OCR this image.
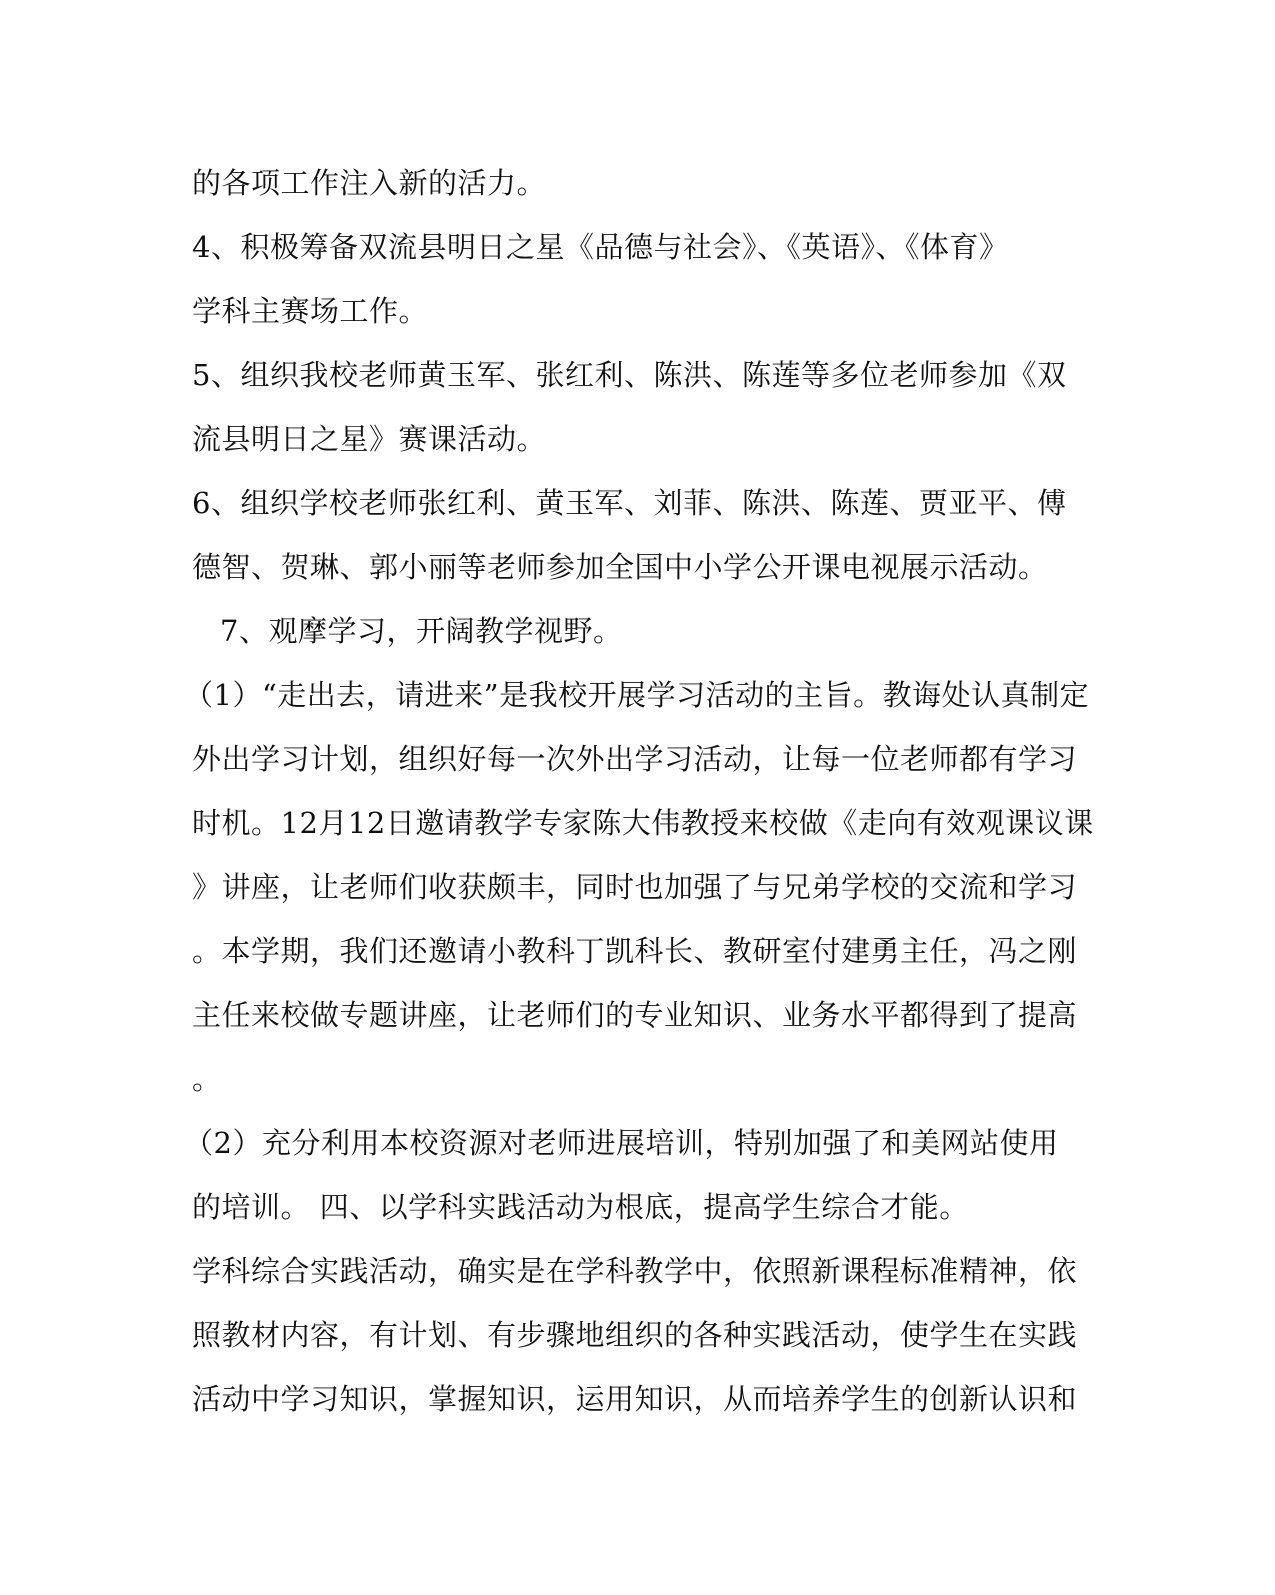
的各项工作注入新的活力。
4、积极筹备双流县明日之星《品德与社会》、《英语》、《体育》
学科主赛场工作。
5、组织我校老师黄玉军、张红利、陈洪、陈莲等多位老师参加《双
流县明日之星》赛课活动。
6、组织学校老师张红利、黄玉军、刘菲、陈洪、陈莲、贾亚平、傅
德智、贺琳、郭小丽等老师参加全国中小学公开课电视展示活动。
7、观摩学习，开阔教学视野。
（1）“走出去，请进来”是我校开展学习活动的主旨。教诲处认真制定
外出学习计划，组织好每一次外出学习活动，让每一位老师都有学习
时机。12月12日邀请教学专家陈大伟教授来校做《走向有效观课议课
》讲座，让老师们收获颇丰，同时也加强了与兄弟学校的交流和学习
。本学期，我们还邀请小教科丁凯科长、教研室付建勇主任，冯之刚
主任来校做专题讲座，让老师们的专业知识、业务水平都得到了提高
。
（2）充分利用本校资源对老师进展培训，特别加强了和美网站使用
的培训。 四、以学科实践活动为根底，提高学生综合才能。
学科综合实践活动，确实是在学科教学中，依照新课程标准精神，依
照教材内容，有计划、有步骤地组织的各种实践活动，使学生在实践
活动中学习知识，掌握知识，运用知识，从而培养学生的创新认识和
